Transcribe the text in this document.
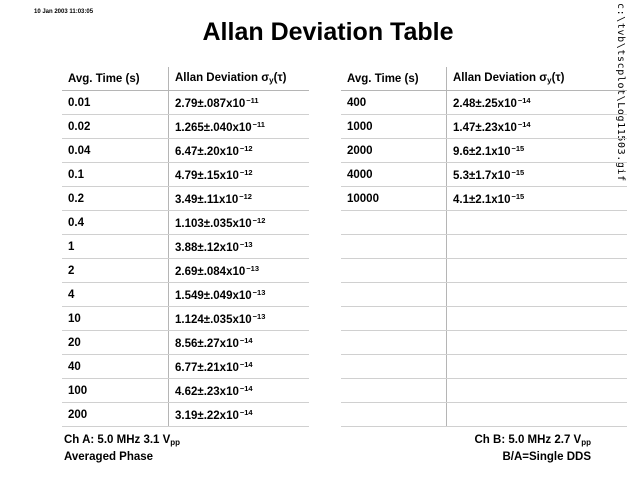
10 Jan 2003 11:03:05
Allan Deviation Table	c:\tvb\tscplot\Log11503.gif
Avg. Time (s)	Allan Deviation $\sigma_y(\tau)$
0.01	$2.79\pm.087x10^{-11}$
0.02	$1.265\pm.040x10^{-11}$
0.04	$6.47\pm.20x10^{-12}$
0.1	$4.79\pm.15x10^{-12}$
0.2	$3.49\pm.11x10^{-12}$
0.4	$1.103\pm.035x10^{-12}$
1	$3.88\pm.12x10^{-13}$
2	$2.69\pm.084x10^{-13}$
4	$1.549\pm.049x10^{-13}$
10	$1.124\pm.035x10^{-13}$
20	$8.56\pm.27x10^{-14}$
40	$6.77\pm.21x10^{-14}$
100	$4.62\pm.23x10^{-14}$
200	$3.19\pm.22x10^{-14}$
Avg. Time (s)	Allan Deviation $\sigma_y(\tau)$
400	$2.48\pm.25x10^{-14}$
1000	$1.47\pm.23x10^{-14}$
2000	$9.6\pm 2.1x10^{-15}$
4000	$5.3\pm 1.7x10^{-15}$
10000	$4.1\pm 2.1x10^{-15}$

Ch A: 5.0 MHz 3.1 $V_{pp}$
Averaged Phase
Ch B: 5.0 MHz 2.7 $V_{pp}$
B/A=Single DDS
